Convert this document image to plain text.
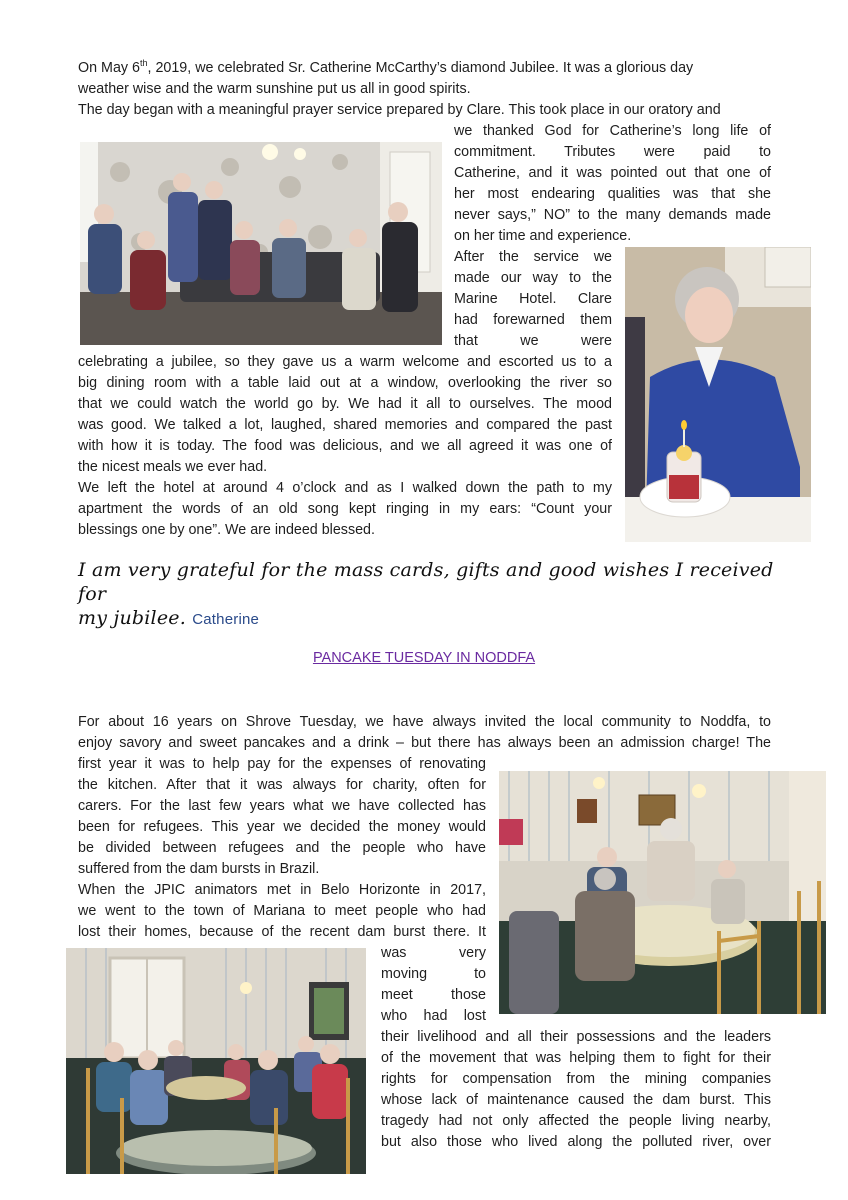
On May 6th, 2019, we celebrated Sr. Catherine McCarthy’s diamond Jubilee. It was a glorious day
weather wise and the warm sunshine put us all in good spirits.
The day began with a meaningful prayer service prepared by Clare. This took place in our oratory and
we thanked God for Catherine’s long life of
commitment. Tributes were paid to
Catherine, and it was pointed out that one of
her most endearing qualities was that she
never says,” NO” to the many demands made
on her time and experience.
After the service we
made our way to the
Marine Hotel. Clare
had forewarned them
that we were
celebrating a jubilee, so they gave us a warm welcome and escorted us to a
big dining room with a table laid out at a window, overlooking the river so
that we could watch the world go by. We had it all to ourselves. The mood
was good. We talked a lot, laughed, shared memories and compared the past
with how it is today. The food was delicious, and we all agreed it was one of
the nicest meals we ever had.
We left the hotel at around 4 o’clock and as I walked down the path to my
apartment the words of an old song kept ringing in my ears: “Count your
blessings one by one”. We are indeed blessed.
I am very grateful for the mass cards, gifts and good wishes I received for
my jubilee. Catherine
PANCAKE TUESDAY IN NODDFA
For about 16 years on Shrove Tuesday, we have always invited the local community to Noddfa, to
enjoy savory and sweet pancakes and a drink – but there has always been an admission charge! The
first year it was to help pay for the expenses of renovating
the kitchen. After that it was always for charity, often for
carers. For the last few years what we have collected has
been for refugees. This year we decided the money would
be divided between refugees and the people who have
suffered from the dam bursts in Brazil.
When the JPIC animators met in Belo Horizonte in 2017,
we went to the town of Mariana to meet people who had
lost their homes, because of the recent dam burst there. It
was very
moving to
meet those
who had lost
their livelihood and all their possessions and the leaders
of the movement that was helping them to fight for their
rights for compensation from the mining companies
whose lack of maintenance caused the dam burst. This
tragedy had not only affected the people living nearby,
but also those who lived along the polluted river, over
